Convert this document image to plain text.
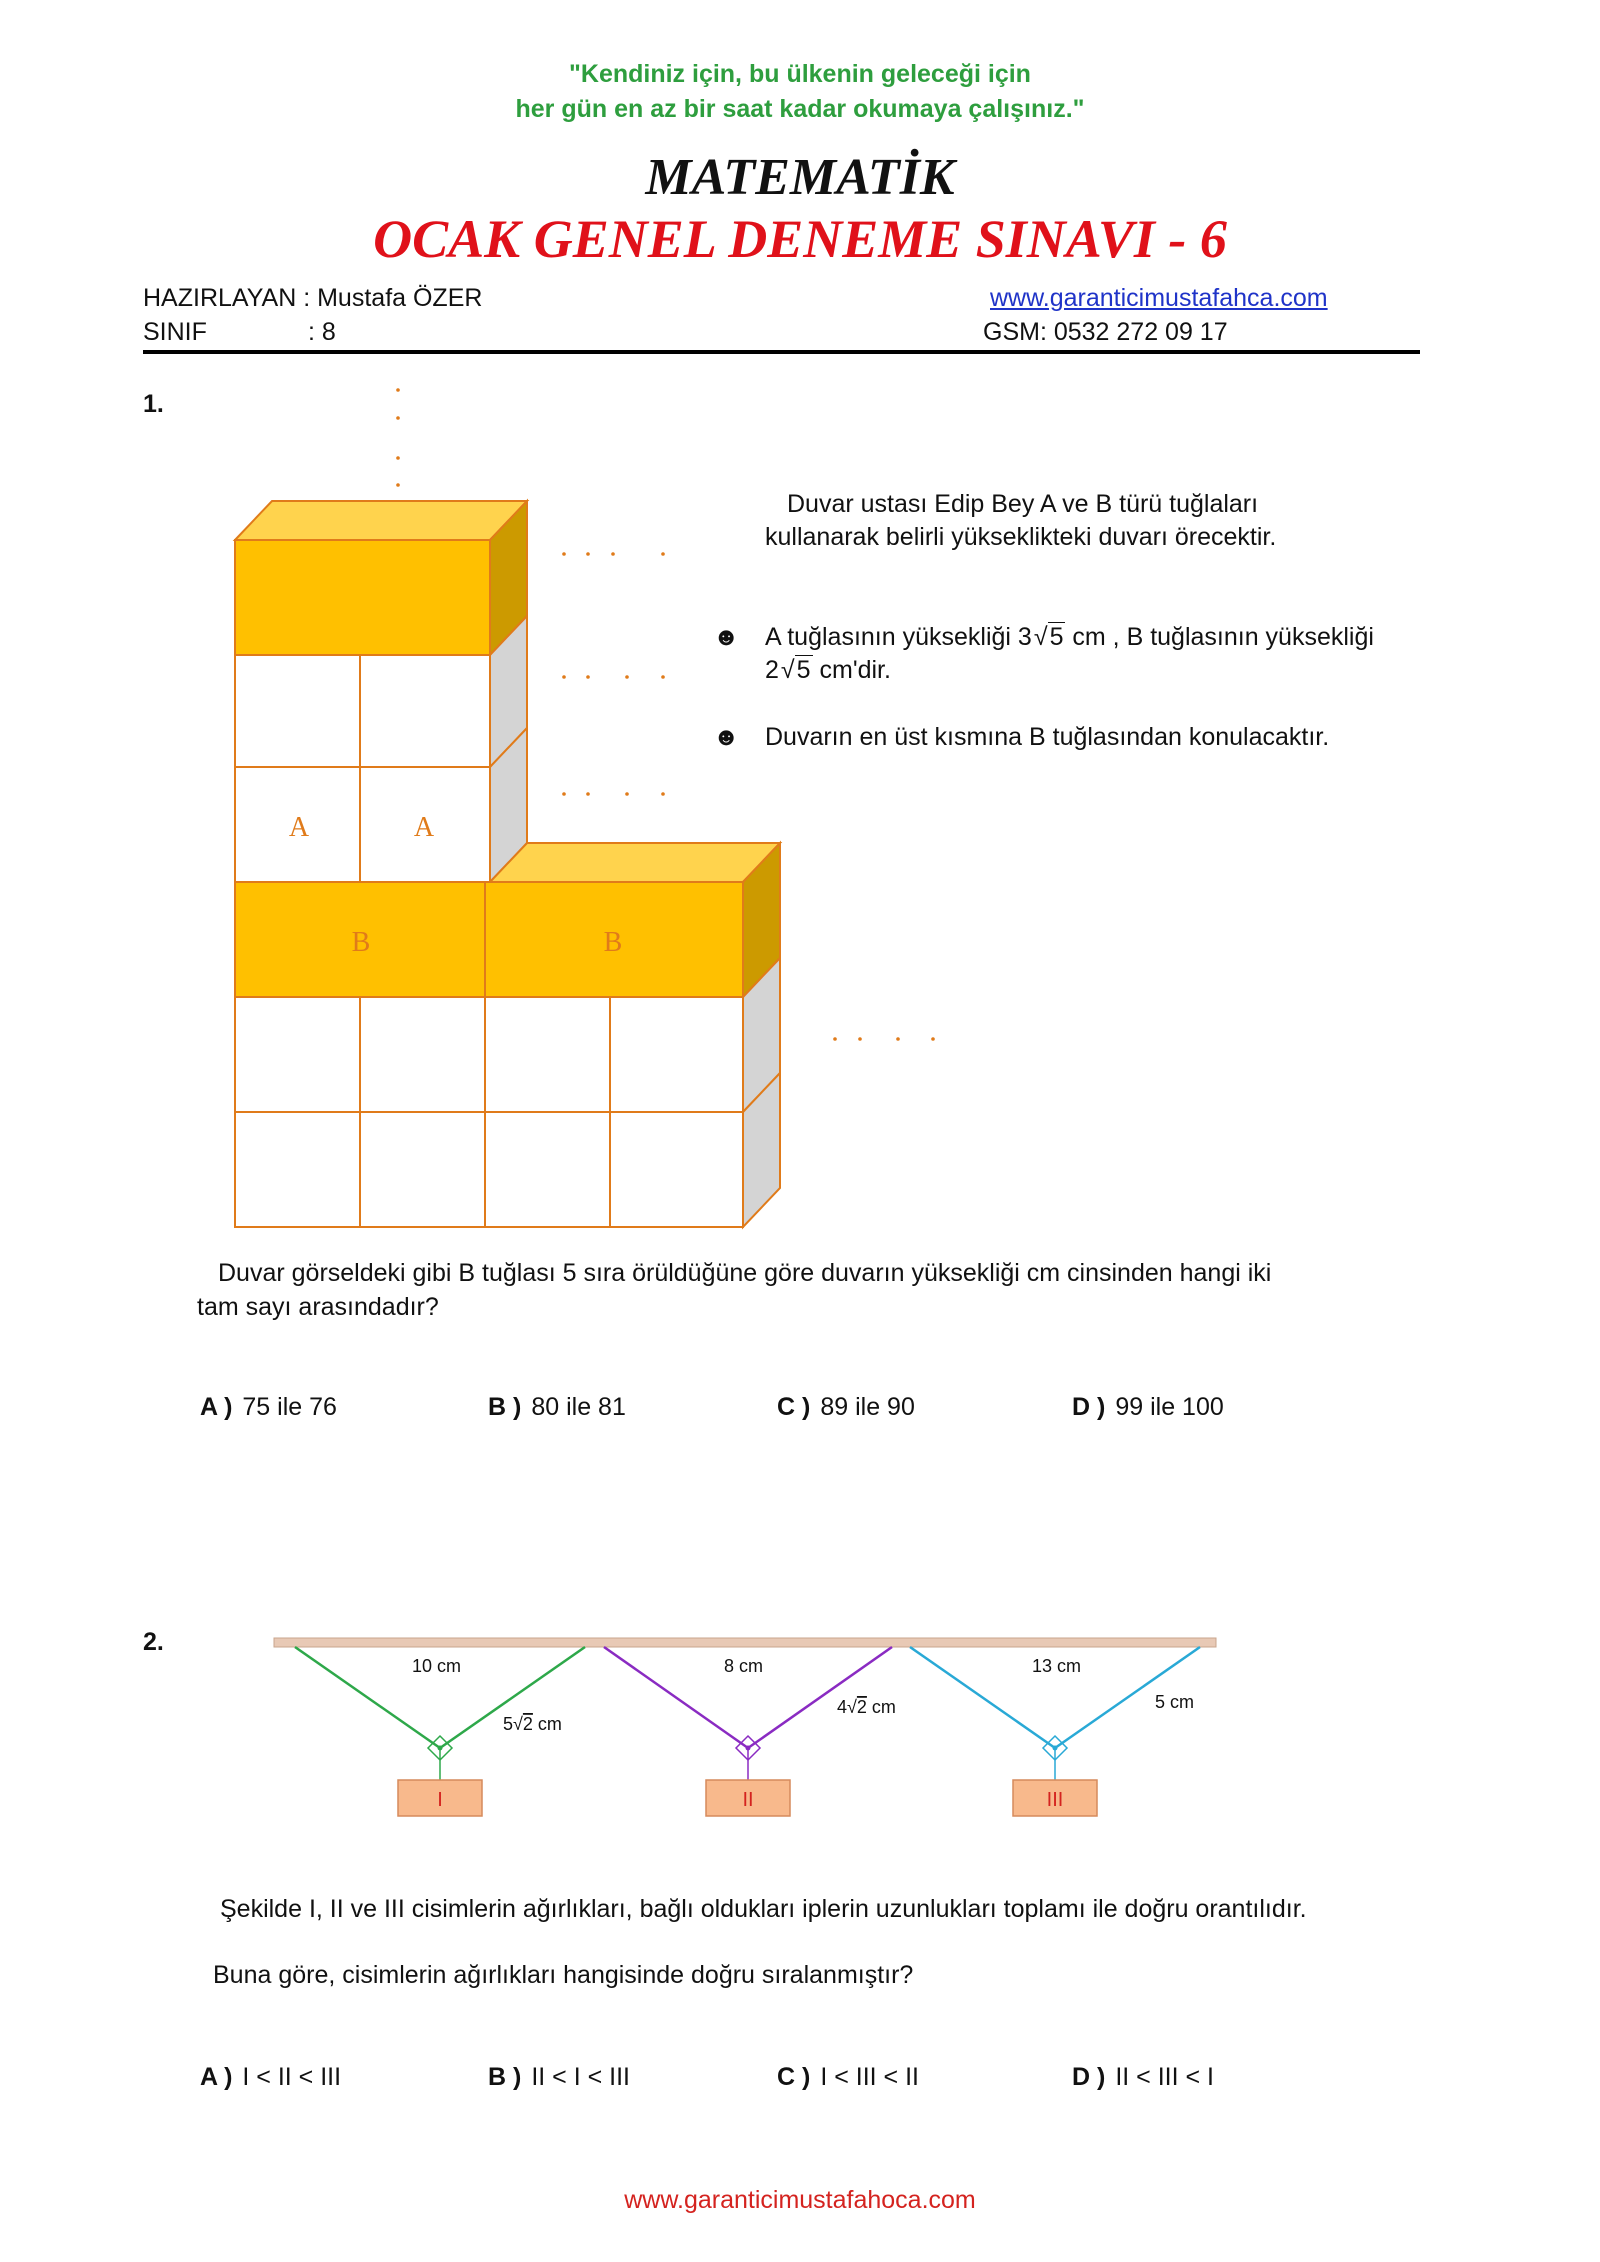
"Kendiniz için, bu ülkenin geleceği için
her gün en az bir saat kadar okumaya çalışınız."
MATEMATİK
OCAK GENEL DENEME SINAVI - 6
HAZIRLAYAN : Mustafa ÖZER	www.garanticimustafahca.com
SINIF	: 8	GSM: 0532 272 09 17
1.
A	A
B	B
Duvar ustası Edip Bey A ve B türü tuğlaları
kullanarak belirli yükseklikteki duvarı örecektir.
☻ A tuğlasının yüksekliği 3√5 cm , B tuğlasının yüksekliği
2√5 cm'dir.
☻ Duvarın en üst kısmına B tuğlasından konulacaktır.
Duvar görseldeki gibi B tuğlası 5 sıra örüldüğüne göre duvarın yüksekliği cm cinsinden hangi iki
tam sayı arasındadır?
A ) 75 ile 76	B ) 80 ile 81	C ) 89 ile 90	D ) 99 ile 100
2.
10 cm
5√2 cm
8 cm
4√2 cm
13 cm
5 cm
I	II	III
Şekilde I, II ve III cisimlerin ağırlıkları, bağlı oldukları iplerin uzunlukları toplamı ile doğru orantılıdır.
Buna göre, cisimlerin ağırlıkları hangisinde doğru sıralanmıştır?
A ) I < II < III	B ) II < I < III	C ) I < III < II	D ) II < III < I
www.garanticimustafahoca.com
